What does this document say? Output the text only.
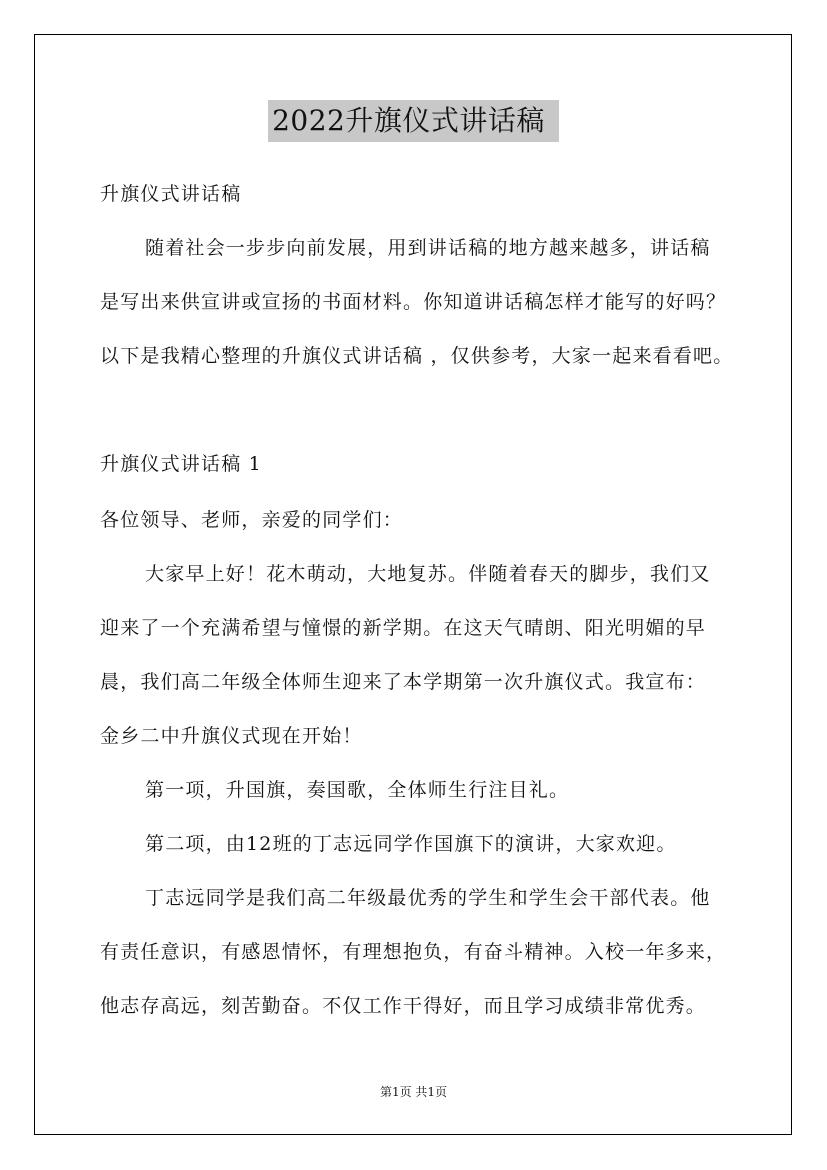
2022升旗仪式讲话稿
升旗仪式讲话稿
随着社会一步步向前发展，用到讲话稿的地方越来越多，讲话稿
是写出来供宣讲或宣扬的书面材料。你知道讲话稿怎样才能写的好吗？
以下是我精心整理的升旗仪式讲话稿 ，仅供参考，大家一起来看看吧。
升旗仪式讲话稿 1
各位领导、老师，亲爱的同学们：
大家早上好！花木萌动，大地复苏。伴随着春天的脚步，我们又
迎来了一个充满希望与憧憬的新学期。在这天气晴朗、阳光明媚的早
晨，我们高二年级全体师生迎来了本学期第一次升旗仪式。我宣布：
金乡二中升旗仪式现在开始！
第一项，升国旗，奏国歌，全体师生行注目礼。
第二项，由12班的丁志远同学作国旗下的演讲，大家欢迎。
丁志远同学是我们高二年级最优秀的学生和学生会干部代表。他
有责任意识，有感恩情怀，有理想抱负，有奋斗精神。入校一年多来，
他志存高远，刻苦勤奋。不仅工作干得好，而且学习成绩非常优秀。
第1页 共1页
